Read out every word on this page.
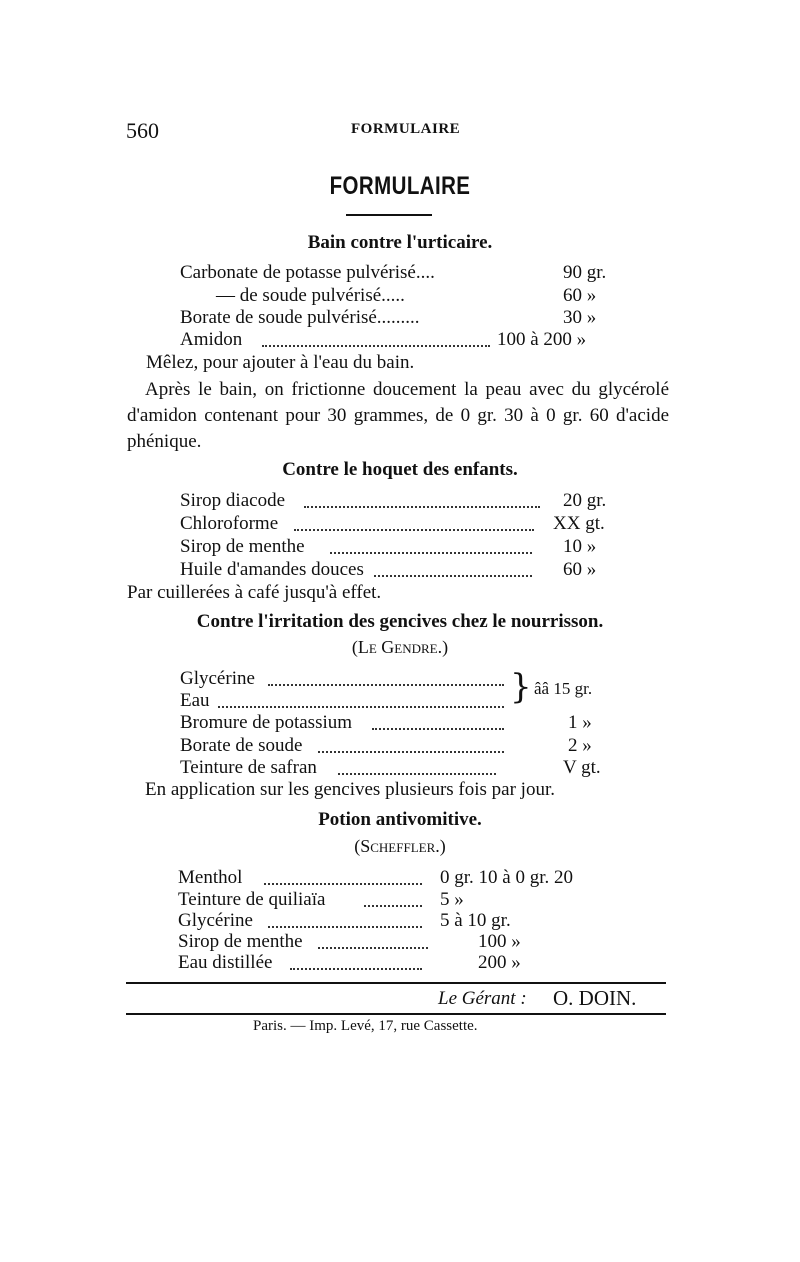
560	FORMULAIRE
FORMULAIRE
Bain contre l'urticaire.
Carbonate de potasse pulvérisé....	90 gr.
— de soude pulvérisé.....	60 »
Borate de soude pulvérisé.........	30 »
Amidon	100 à 200 »
Mêlez, pour ajouter à l'eau du bain.
Après le bain, on frictionne doucement la peau avec du glycérolé d'amidon contenant pour 30 grammes, de 0 gr. 30 à 0 gr. 60 d'acide phénique.
Contre le hoquet des enfants.
Sirop diacode	20 gr.
Chloroforme	XX gt.
Sirop de menthe	10 »
Huile d'amandes douces	60 »
Par cuillerées à café jusqu'à effet.
Contre l'irritation des gencives chez le nourrisson.
(Le Gendre.)
Glycérine
Eau	} ââ 15 gr.
Bromure de potassium	1 »
Borate de soude	2 »
Teinture de safran	V gt.
En application sur les gencives plusieurs fois par jour.
Potion antivomitive.
(Scheffler.)
Menthol	0 gr. 10 à 0 gr. 20
Teinture de quiliaïa	5 »
Glycérine	5 à 10 gr.
Sirop de menthe	100 »
Eau distillée	200 »
Le Gérant : O. DOIN.
Paris. — Imp. Levé, 17, rue Cassette.
